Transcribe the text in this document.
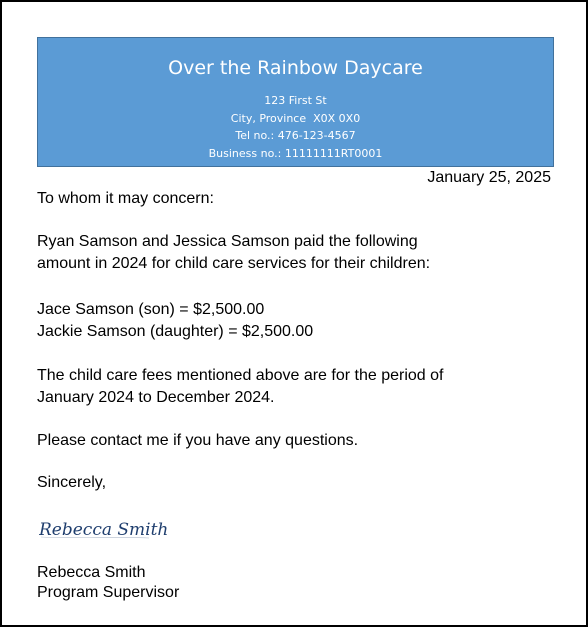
Over the Rainbow Daycare
123 First St
City, Province  X0X 0X0
Tel no.: 476-123-4567
Business no.: 11111111RT0001
January 25, 2025
To whom it may concern:
Ryan Samson and Jessica Samson paid the following
amount in 2024 for child care services for their children:
Jace Samson (son) = $2,500.00
Jackie Samson (daughter) = $2,500.00
The child care fees mentioned above are for the period of
January 2024 to December 2024.
Please contact me if you have any questions.
Sincerely,
Rebecca Smith
Rebecca Smith
Program Supervisor
